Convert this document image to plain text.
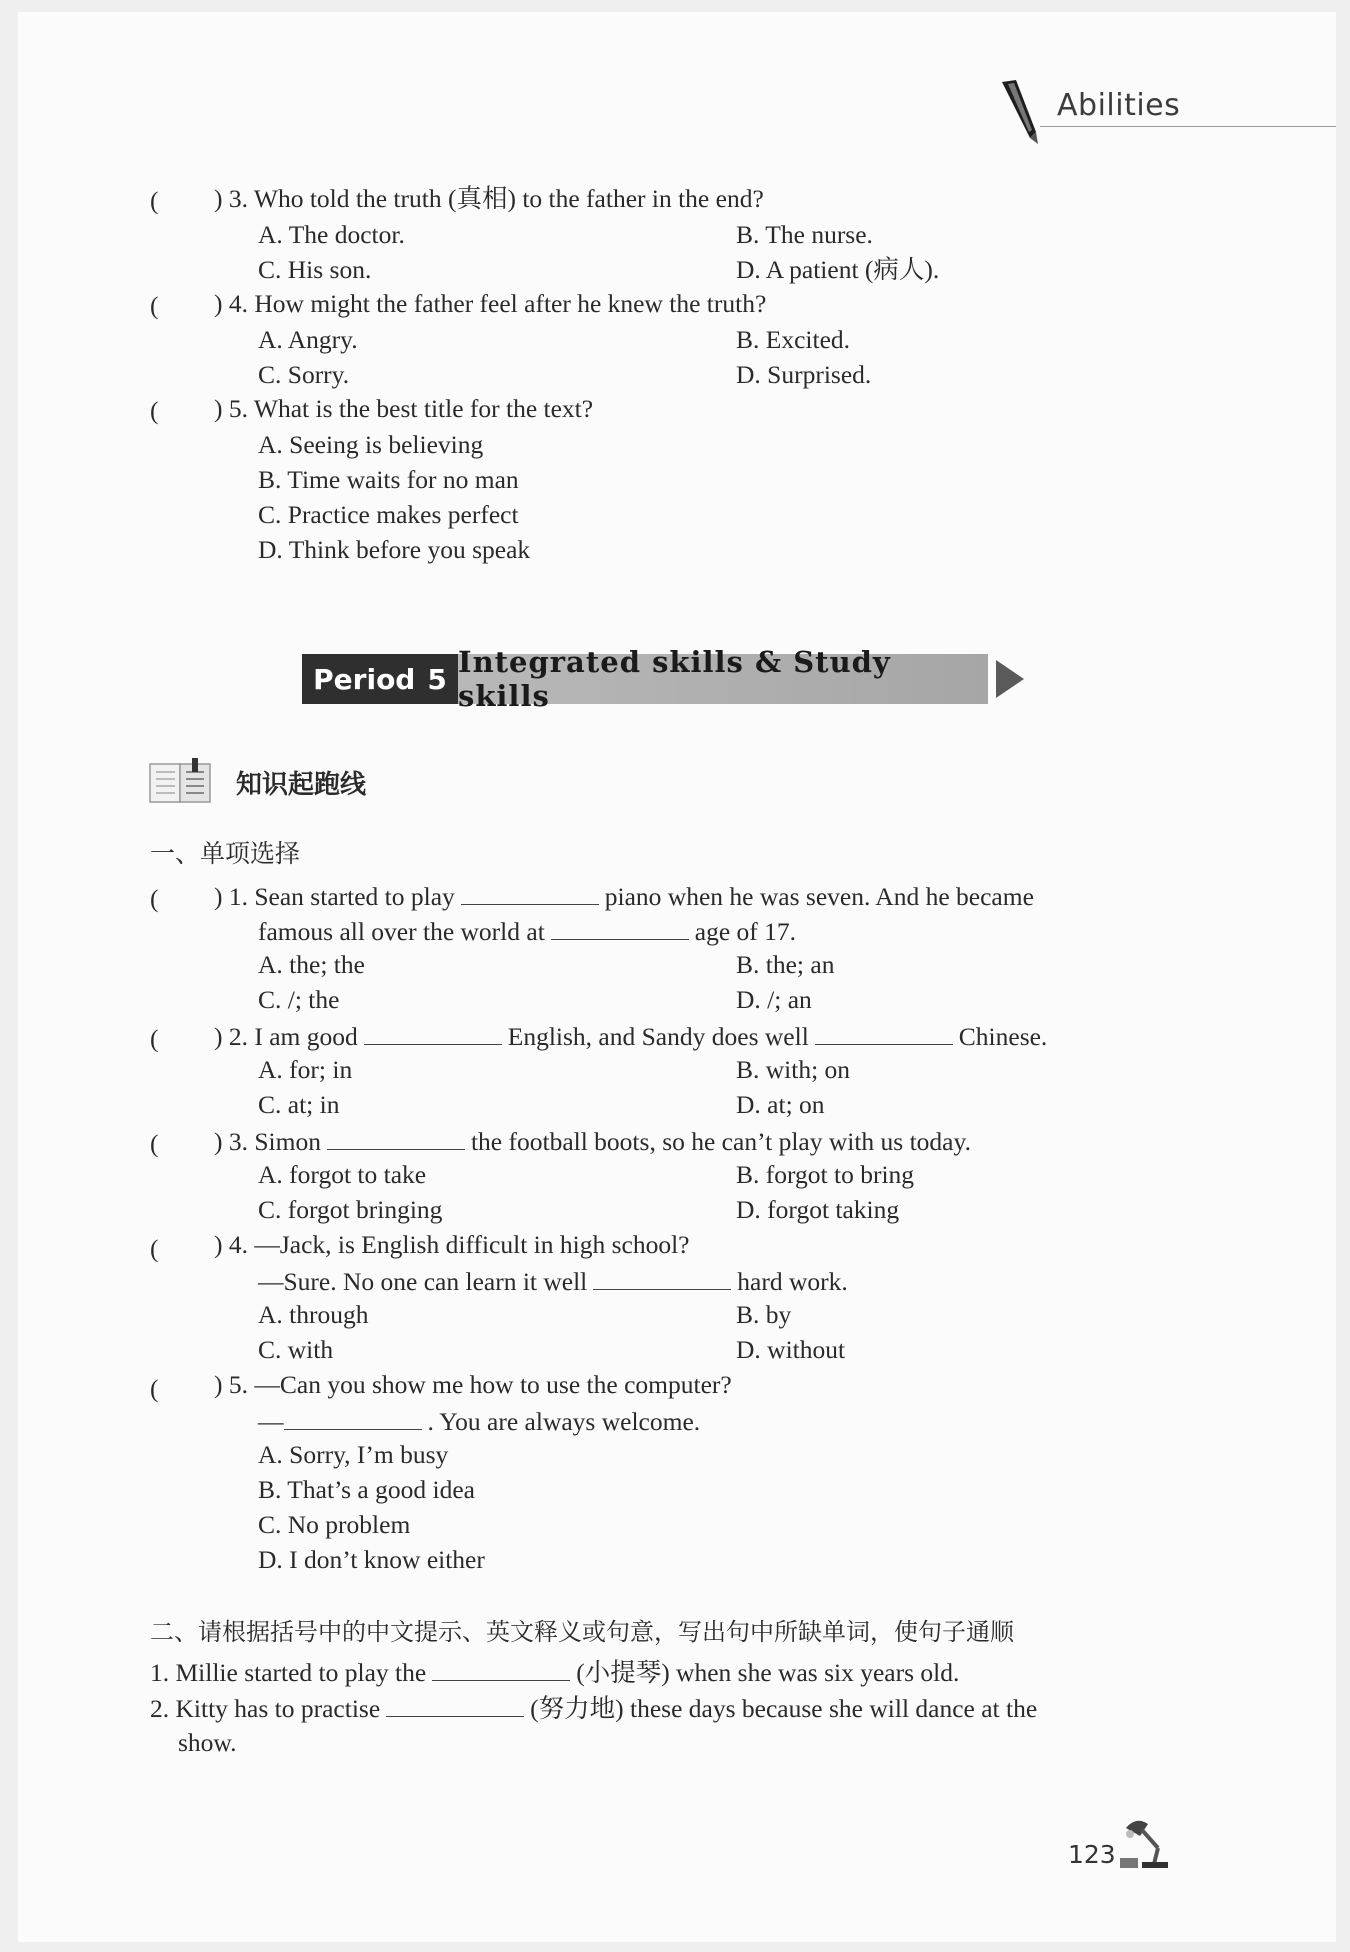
Abilities
( ) 3. Who told the truth (真相) to the father in the end?
A. The doctor.	B. The nurse.
C. His son.	D. A patient (病人).
( ) 4. How might the father feel after he knew the truth?
A. Angry.	B. Excited.
C. Sorry.	D. Surprised.
( ) 5. What is the best title for the text?
A. Seeing is believing
B. Time waits for no man
C. Practice makes perfect
D. Think before you speak
Period 5 Integrated skills & Study skills
知识起跑线
一、单项选择
( ) 1. Sean started to play	piano when he was seven. And he became
famous all over the world at	age of 17.
A. the; the	B. the; an
C. /; the	D. /; an
( ) 2. I am good	English, and Sandy does well	Chinese.
A. for; in	B. with; on
C. at; in	D. at; on
( ) 3. Simon	the football boots, so he can’t play with us today.
A. forgot to take	B. forgot to bring
C. forgot bringing	D. forgot taking
( ) 4. —Jack, is English difficult in high school?
—Sure. No one can learn it well	hard work.
A. through	B. by
C. with	D. without
( ) 5. —Can you show me how to use the computer?
—	. You are always welcome.
A. Sorry, I’m busy
B. That’s a good idea
C. No problem
D. I don’t know either
二、请根据括号中的中文提示、英文释义或句意，写出句中所缺单词，使句子通顺
1. Millie started to play the	(小提琴) when she was six years old.
2. Kitty has to practise	(努力地) these days because she will dance at the
show.
123
